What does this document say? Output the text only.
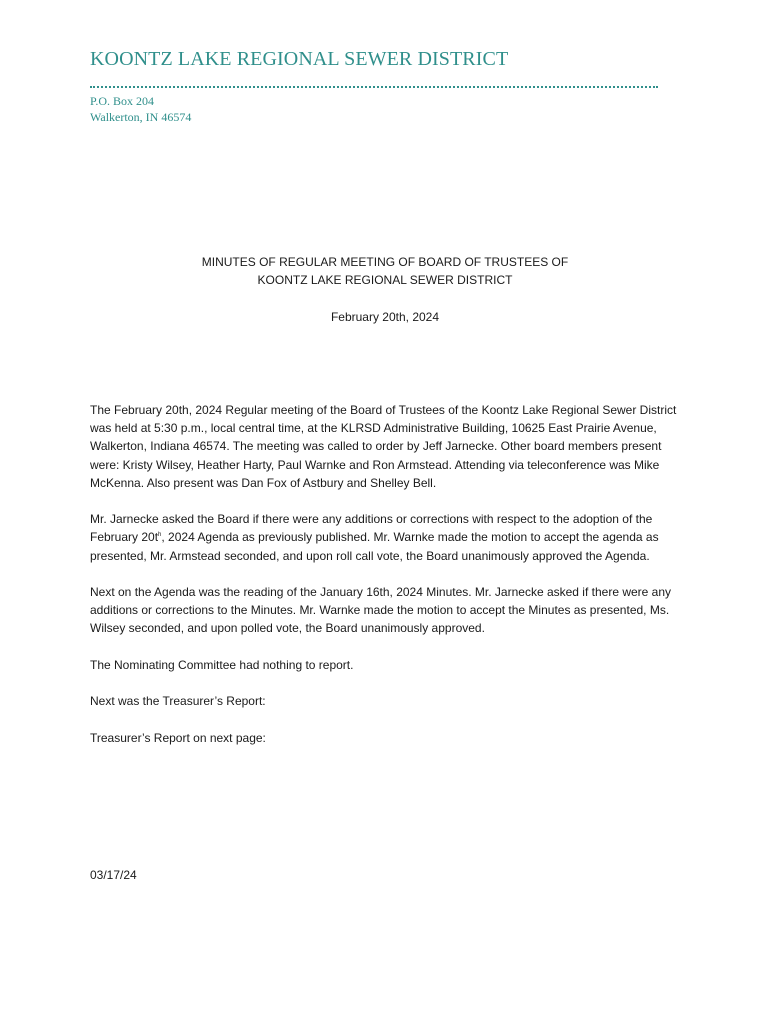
KOONTZ LAKE REGIONAL SEWER DISTRICT
P.O. Box 204
Walkerton, IN 46574
MINUTES OF REGULAR MEETING OF BOARD OF TRUSTEES OF
KOONTZ LAKE REGIONAL SEWER DISTRICT
February 20th, 2024

The February 20th, 2024 Regular meeting of the Board of Trustees of the Koontz Lake Regional Sewer District was held at 5:30 p.m., local central time, at the KLRSD Administrative Building, 10625 East Prairie Avenue, Walkerton, Indiana 46574. The meeting was called to order by Jeff Jarnecke. Other board members present were: Kristy Wilsey, Heather Harty, Paul Warnke and Ron Armstead. Attending via teleconference was Mike McKenna. Also present was Dan Fox of Astbury and Shelley Bell.

Mr. Jarnecke asked the Board if there were any additions or corrections with respect to the adoption of the February $20t^h$, 2024 Agenda as previously published. Mr. Warnke made the motion to accept the agenda as presented, Mr. Armstead seconded, and upon roll call vote, the Board unanimously approved the Agenda.

Next on the Agenda was the reading of the January 16th, 2024 Minutes. Mr. Jarnecke asked if there were any additions or corrections to the Minutes. Mr. Warnke made the motion to accept the Minutes as presented, Ms. Wilsey seconded, and upon polled vote, the Board unanimously approved.

The Nominating Committee had nothing to report.

Next was the Treasurer’s Report:

Treasurer’s Report on next page:

03/17/24
